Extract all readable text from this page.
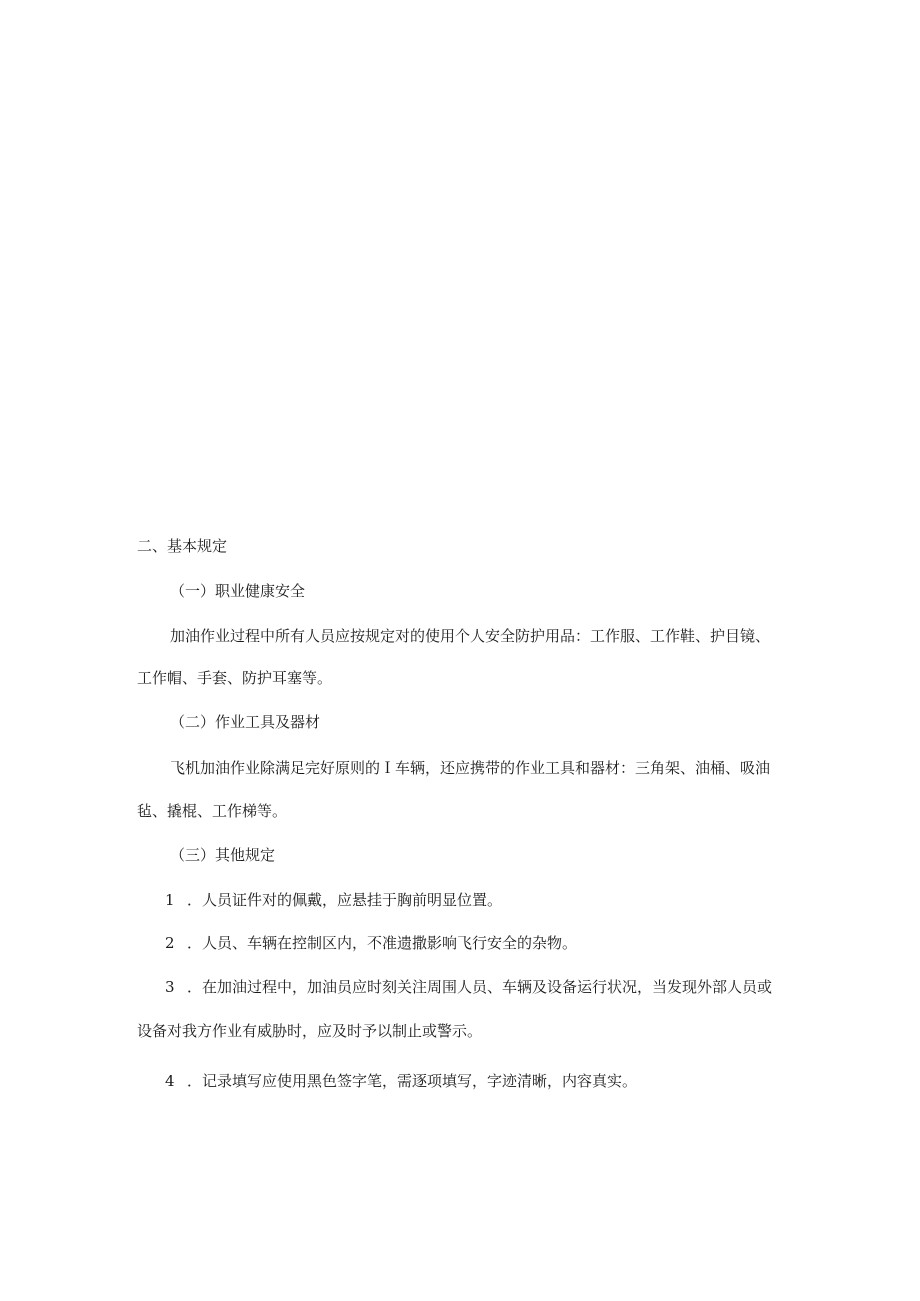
二、基本规定
（一）职业健康安全
加油作业过程中所有人员应按规定对的使用个人安全防护用品：工作服、工作鞋、护目镜、
工作帽、手套、防护耳塞等。
（二）作业工具及器材
飞机加油作业除满足完好原则的Ｉ车辆，还应携带的作业工具和器材：三角架、油桶、吸油
毡、撬棍、工作梯等。
（三）其他规定
1 ．人员证件对的佩戴，应悬挂于胸前明显位置。
2 ．人员、车辆在控制区内，不准遗撒影响飞行安全的杂物。
3 ．在加油过程中，加油员应时刻关注周围人员、车辆及设备运行状况，当发现外部人员或
设备对我方作业有威胁时，应及时予以制止或警示。
4 ．记录填写应使用黑色签字笔，需逐项填写，字迹清晰，内容真实。
